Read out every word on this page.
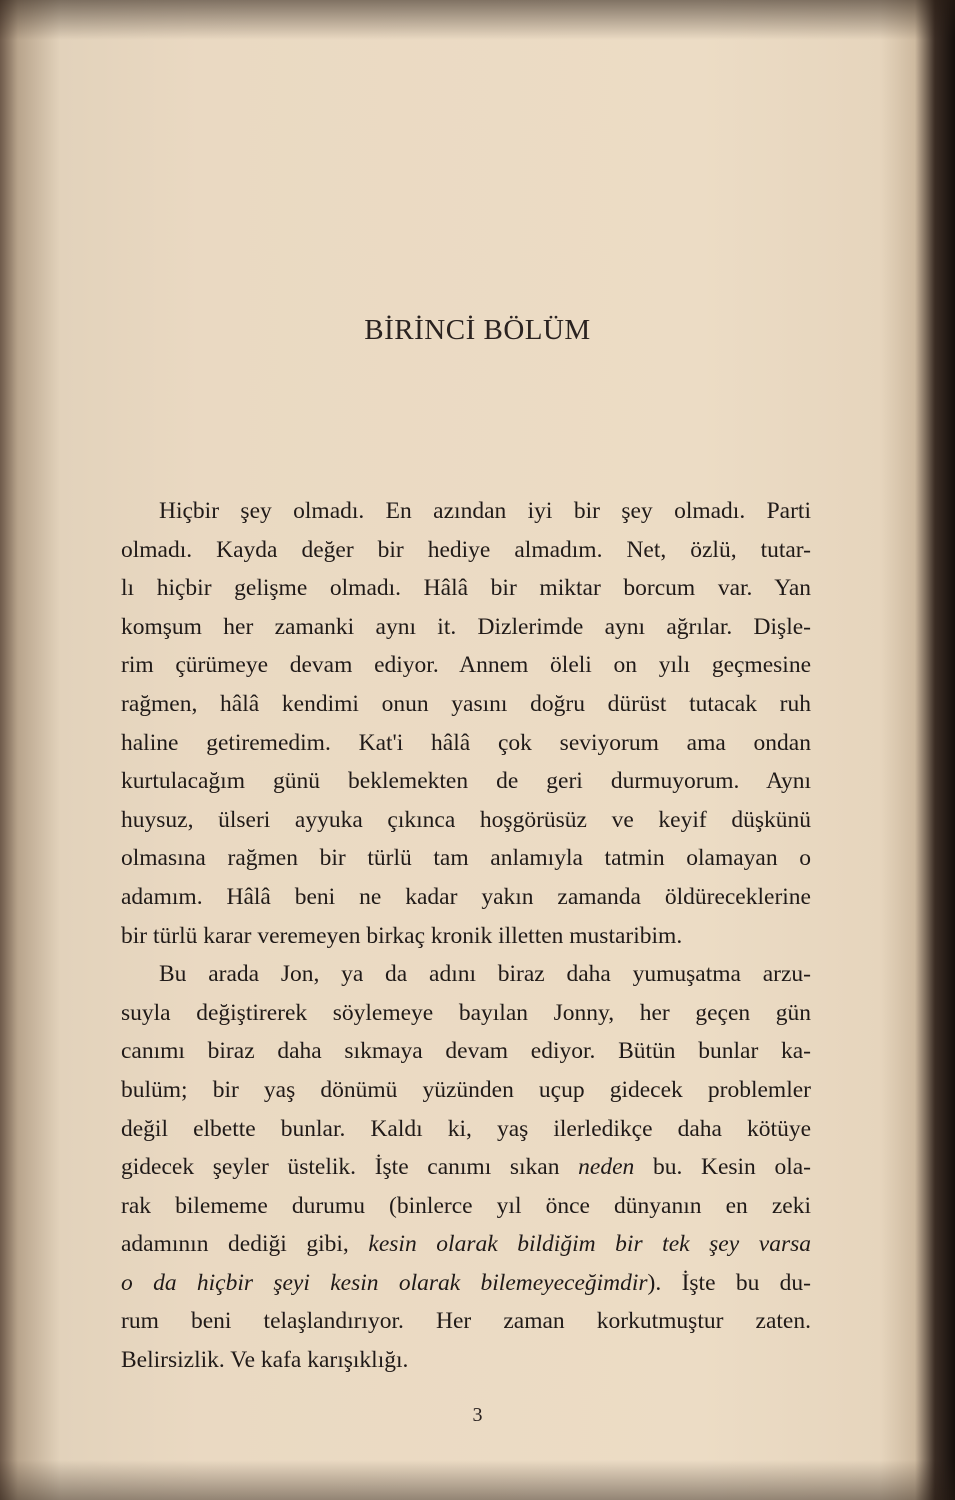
BİRİNCİ BÖLÜM
Hiçbir şey olmadı. En azından iyi bir şey olmadı. Parti
olmadı. Kayda değer bir hediye almadım. Net, özlü, tutar-
lı hiçbir gelişme olmadı. Hâlâ bir miktar borcum var. Yan
komşum her zamanki aynı it. Dizlerimde aynı ağrılar. Dişle-
rim çürümeye devam ediyor. Annem öleli on yılı geçmesine
rağmen, hâlâ kendimi onun yasını doğru dürüst tutacak ruh
haline getiremedim. Kat'i hâlâ çok seviyorum ama ondan
kurtulacağım günü beklemekten de geri durmuyorum. Aynı
huysuz, ülseri ayyuka çıkınca hoşgörüsüz ve keyif düşkünü
olmasına rağmen bir türlü tam anlamıyla tatmin olamayan o
adamım. Hâlâ beni ne kadar yakın zamanda öldüreceklerine
bir türlü karar veremeyen birkaç kronik illetten mustaribim.
Bu arada Jon, ya da adını biraz daha yumuşatma arzu-
suyla değiştirerek söylemeye bayılan Jonny, her geçen gün
canımı biraz daha sıkmaya devam ediyor. Bütün bunlar ka-
bulüm; bir yaş dönümü yüzünden uçup gidecek problemler
değil elbette bunlar. Kaldı ki, yaş ilerledikçe daha kötüye
gidecek şeyler üstelik. İşte canımı sıkan neden bu. Kesin ola-
rak bilememe durumu (binlerce yıl önce dünyanın en zeki
adamının dediği gibi, kesin olarak bildiğim bir tek şey varsa
o da hiçbir şeyi kesin olarak bilemeyeceğimdir). İşte bu du-
rum beni telaşlandırıyor. Her zaman korkutmuştur zaten.
Belirsizlik. Ve kafa karışıklığı.
3
